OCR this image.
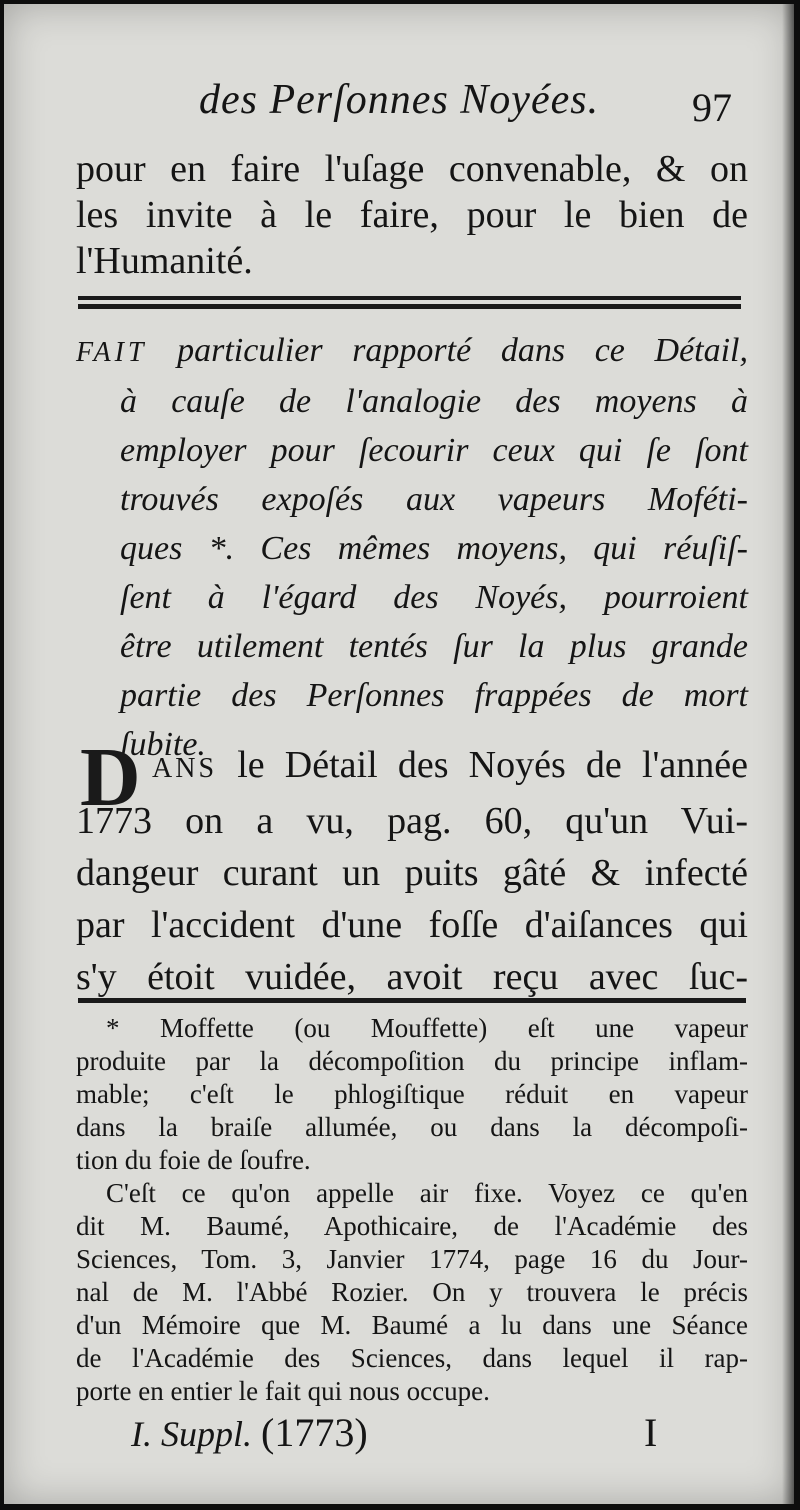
des Perſonnes Noyées. 97
pour en faire l'uſage convenable, & on
les invite à le faire, pour le bien de
l'Humanité.
FAIT particulier rapporté dans ce Détail,
à cauſe de l'analogie des moyens à
employer pour ſecourir ceux qui ſe ſont
trouvés expoſés aux vapeurs Moféti-
ques *. Ces mêmes moyens, qui réuſiſ-
ſent à l'égard des Noyés, pourroient
être utilement tentés ſur la plus grande
partie des Perſonnes frappées de mort
ſubite.
D ANS le Détail des Noyés de l'année
1773 on a vu, pag. 60, qu'un Vui-
dangeur curant un puits gâté & infecté
par l'accident d'une foſſe d'aiſances qui
s'y étoit vuidée, avoit reçu avec ſuc-
* Moffette (ou Mouffette) eſt une vapeur
produite par la décompoſition du principe inflam-
mable; c'eſt le phlogiſtique réduit en vapeur
dans la braiſe allumée, ou dans la décompoſi-
tion du foie de ſoufre.
C'eſt ce qu'on appelle air fixe. Voyez ce qu'en
dit M. Baumé, Apothicaire, de l'Académie des
Sciences, Tom. 3, Janvier 1774, page 16 du Jour-
nal de M. l'Abbé Rozier. On y trouvera le précis
d'un Mémoire que M. Baumé a lu dans une Séance
de l'Académie des Sciences, dans lequel il rap-
porte en entier le fait qui nous occupe.
I. Suppl. (1773)	I
